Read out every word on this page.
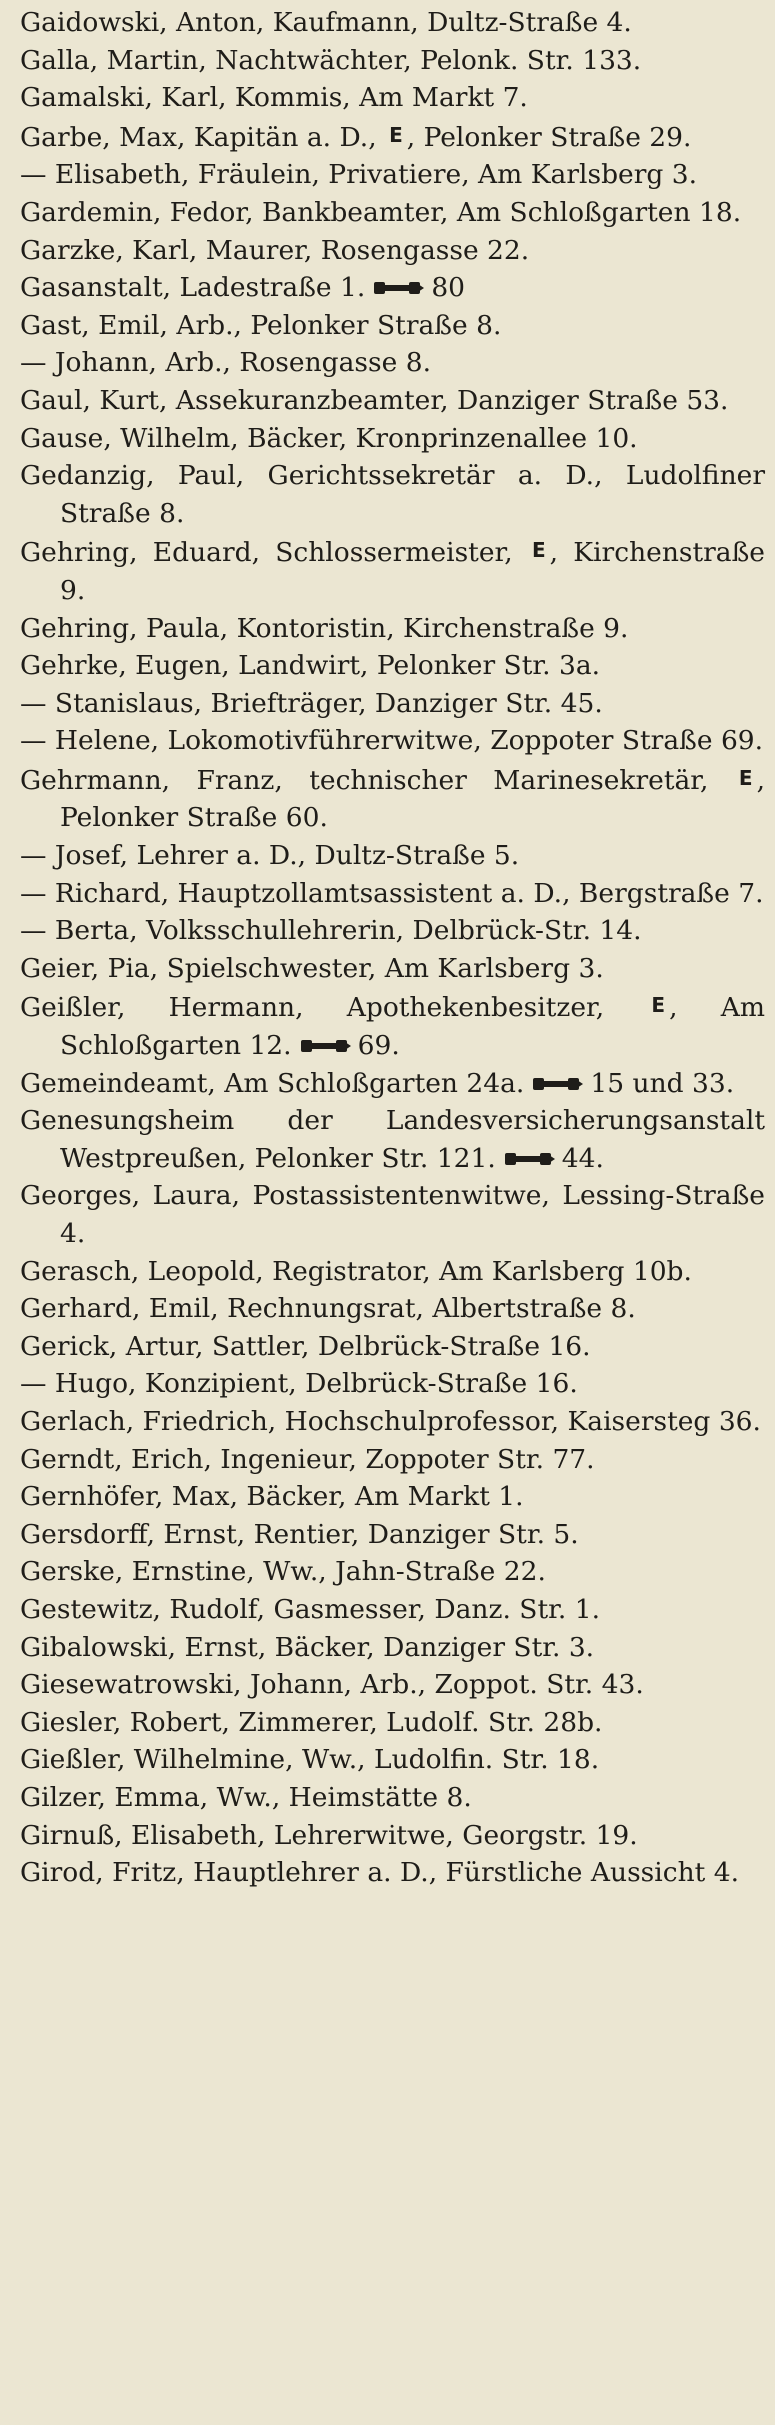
Gaidowski, Anton, Kaufmann, Dultz-Straße 4.
Galla, Martin, Nachtwächter, Pelonk. Str. 133.
Gamalski, Karl, Kommis, Am Markt 7.
Garbe, Max, Kapitän a. D., E , Pelonker Straße 29.
— Elisabeth, Fräulein, Privatiere, Am Karlsberg 3.
Gardemin, Fedor, Bankbeamter, Am Schloßgarten 18.
Garzke, Karl, Maurer, Rosengasse 22.
Gasanstalt, Ladestraße 1. 80
Gast, Emil, Arb., Pelonker Straße 8.
— Johann, Arb., Rosengasse 8.
Gaul, Kurt, Assekuranzbeamter, Danziger Straße 53.
Gause, Wilhelm, Bäcker, Kronprinzenallee 10.
Gedanzig, Paul, Gerichtssekretär a. D., Ludolfiner Straße 8.
Gehring, Eduard, Schlossermeister, E , Kirchenstraße 9.
Gehring, Paula, Kontoristin, Kirchenstraße 9.
Gehrke, Eugen, Landwirt, Pelonker Str. 3a.
— Stanislaus, Briefträger, Danziger Str. 45.
— Helene, Lokomotivführerwitwe, Zoppoter Straße 69.
Gehrmann, Franz, technischer Marinesekretär, E , Pelonker Straße 60.
— Josef, Lehrer a. D., Dultz-Straße 5.
— Richard, Hauptzollamtsassistent a. D., Bergstraße 7.
— Berta, Volksschullehrerin, Delbrück-Str. 14.
Geier, Pia, Spielschwester, Am Karlsberg 3.
Geißler, Hermann, Apothekenbesitzer, E , Am Schloßgarten 12. 69.
Gemeindeamt, Am Schloßgarten 24a. 15 und 33.
Genesungsheim der Landesversicherungsanstalt Westpreußen, Pelonker Str. 121. 44.
Georges, Laura, Postassistentenwitwe, Lessing-Straße 4.
Gerasch, Leopold, Registrator, Am Karlsberg 10b.
Gerhard, Emil, Rechnungsrat, Albertstraße 8.
Gerick, Artur, Sattler, Delbrück-Straße 16.
— Hugo, Konzipient, Delbrück-Straße 16.
Gerlach, Friedrich, Hochschulprofessor, Kaisersteg 36.
Gerndt, Erich, Ingenieur, Zoppoter Str. 77.
Gernhöfer, Max, Bäcker, Am Markt 1.
Gersdorff, Ernst, Rentier, Danziger Str. 5.
Gerske, Ernstine, Ww., Jahn-Straße 22.
Gestewitz, Rudolf, Gasmesser, Danz. Str. 1.
Gibalowski, Ernst, Bäcker, Danziger Str. 3.
Giesewatrowski, Johann, Arb., Zoppot. Str. 43.
Giesler, Robert, Zimmerer, Ludolf. Str. 28b.
Gießler, Wilhelmine, Ww., Ludolfin. Str. 18.
Gilzer, Emma, Ww., Heimstätte 8.
Girnuß, Elisabeth, Lehrerwitwe, Georgstr. 19.
Girod, Fritz, Hauptlehrer a. D., Fürstliche Aussicht 4.
